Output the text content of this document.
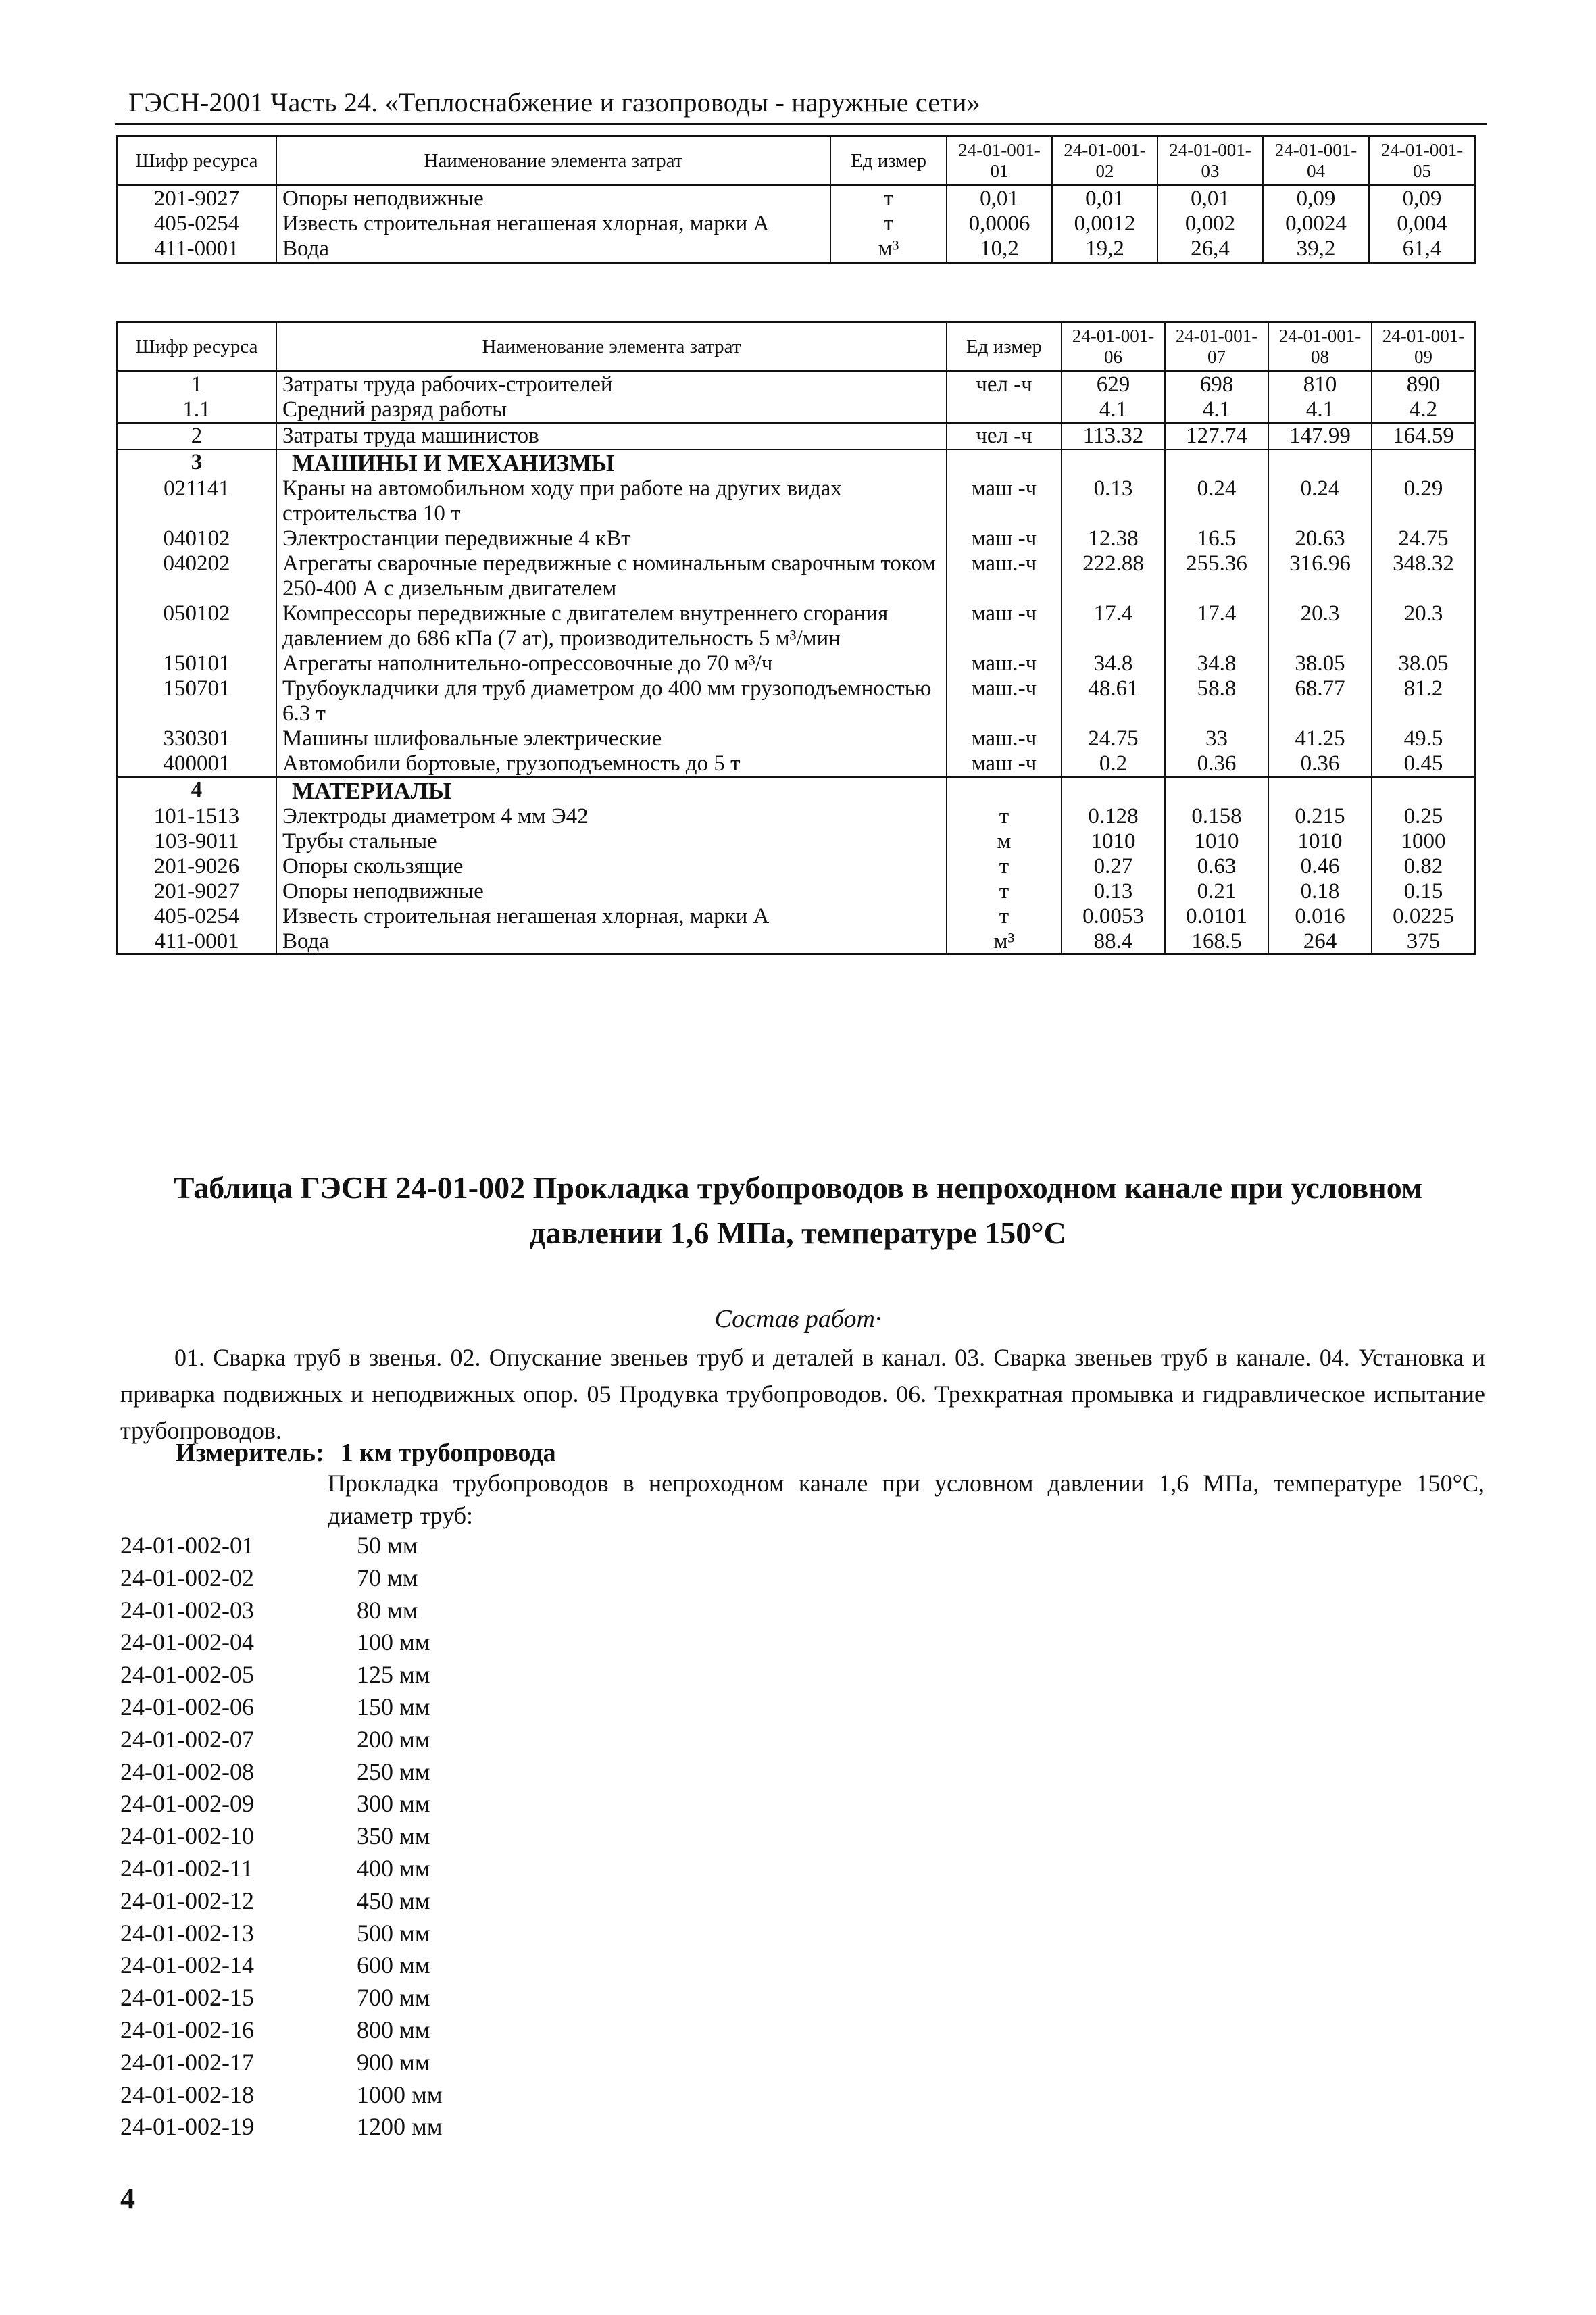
ГЭСН-2001 Часть 24. «Теплоснабжение и газопроводы - наружные сети»
Шифр ресурса	Наименование элемента затрат	Ед измер	24-01-001-01	24-01-001-02	24-01-001-03	24-01-001-04	24-01-001-05
201-9027	Опоры неподвижные	т	0,01	0,01	0,01	0,09	0,09
405-0254	Известь строительная негашеная хлорная, марки А	т	0,0006	0,0012	0,002	0,0024	0,004
411-0001	Вода	м³	10,2	19,2	26,4	39,2	61,4
Шифр ресурса	Наименование элемента затрат	Ед измер	24-01-001-06	24-01-001-07	24-01-001-08	24-01-001-09
1	Затраты труда рабочих-строителей	чел -ч	629	698	810	890
1.1	Средний разряд работы		4.1	4.1	4.1	4.2
2	Затраты труда машинистов	чел -ч	113.32	127.74	147.99	164.59
3	МАШИНЫ И МЕХАНИЗМЫ					
021141	Краны на автомобильном ходу при работе на других видах строительства 10 т	маш -ч	0.13	0.24	0.24	0.29
040102	Электростанции передвижные 4 кВт	маш -ч	12.38	16.5	20.63	24.75
040202	Агрегаты сварочные передвижные с номинальным сварочным током 250-400 А с дизельным двигателем	маш.-ч	222.88	255.36	316.96	348.32
050102	Компрессоры передвижные с двигателем внутреннего сгорания давлением до 686 кПа (7 ат), производительность 5 м³/мин	маш -ч	17.4	17.4	20.3	20.3
150101	Агрегаты наполнительно-опрессовочные до 70 м³/ч	маш.-ч	34.8	34.8	38.05	38.05
150701	Трубоукладчики для труб диаметром до 400 мм грузоподъемностью 6.3 т	маш.-ч	48.61	58.8	68.77	81.2
330301	Машины шлифовальные электрические	маш.-ч	24.75	33	41.25	49.5
400001	Автомобили бортовые, грузоподъемность до 5 т	маш -ч	0.2	0.36	0.36	0.45
4	МАТЕРИАЛЫ					
101-1513	Электроды диаметром 4 мм Э42	т	0.128	0.158	0.215	0.25
103-9011	Трубы стальные	м	1010	1010	1010	1000
201-9026	Опоры скользящие	т	0.27	0.63	0.46	0.82
201-9027	Опоры неподвижные	т	0.13	0.21	0.18	0.15
405-0254	Известь строительная негашеная хлорная, марки А	т	0.0053	0.0101	0.016	0.0225
411-0001	Вода	м³	88.4	168.5	264	375
Таблица ГЭСН 24-01-002 Прокладка трубопроводов в непроходном канале при условном
давлении 1,6 МПа, температуре 150°С
Состав работ·
01. Сварка труб в звенья. 02. Опускание звеньев труб и деталей в канал. 03. Сварка звеньев труб в канале. 04. Установка и приварка подвижных и неподвижных опор. 05 Продувка трубопроводов. 06. Трехкратная промывка и гидравлическое испытание трубопроводов.
Измеритель: 1 км трубопровода
Прокладка трубопроводов в непроходном канале при условном давлении 1,6 МПа, температуре 150°С, диаметр труб:
24-01-002-01	50 мм
24-01-002-02	70 мм
24-01-002-03	80 мм
24-01-002-04	100 мм
24-01-002-05	125 мм
24-01-002-06	150 мм
24-01-002-07	200 мм
24-01-002-08	250 мм
24-01-002-09	300 мм
24-01-002-10	350 мм
24-01-002-11	400 мм
24-01-002-12	450 мм
24-01-002-13	500 мм
24-01-002-14	600 мм
24-01-002-15	700 мм
24-01-002-16	800 мм
24-01-002-17	900 мм
24-01-002-18	1000 мм
24-01-002-19	1200 мм
4
